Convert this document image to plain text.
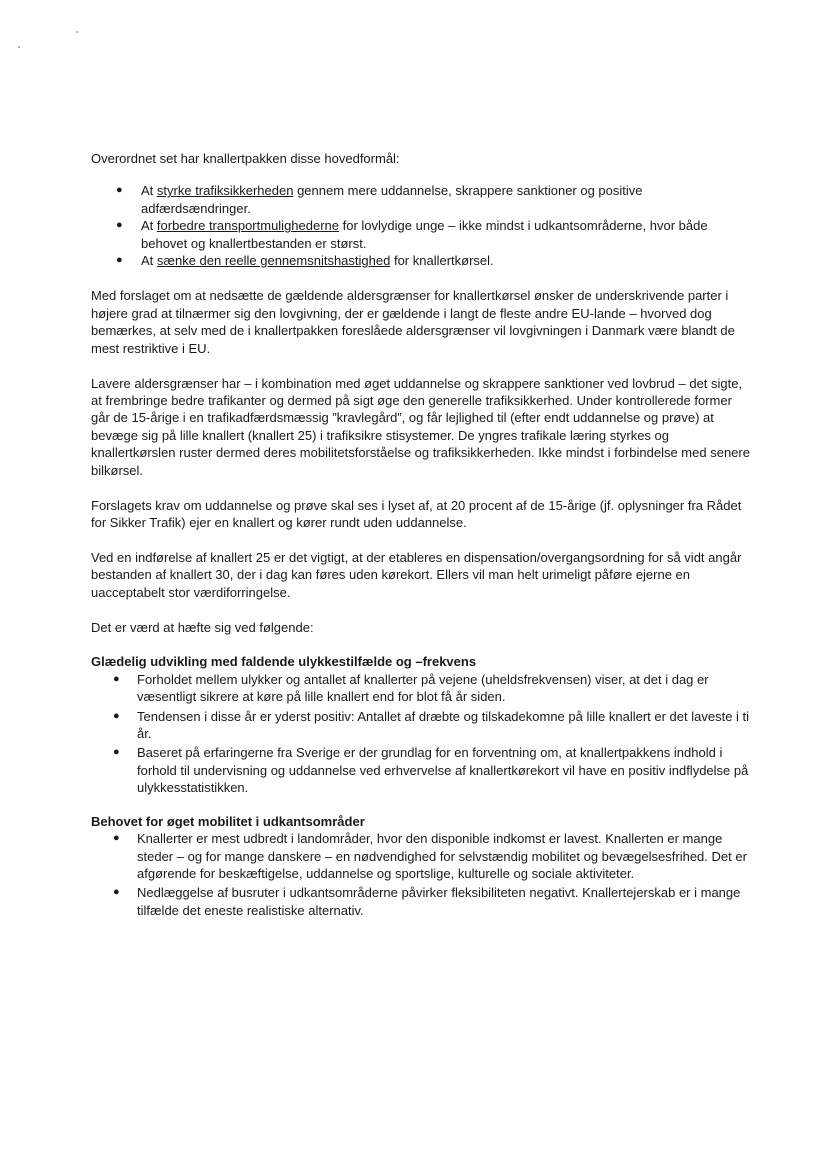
Overordnet set har knallertpakken disse hovedformål:

● At styrke trafiksikkerheden gennem mere uddannelse, skrappere sanktioner og positive adfærdsændringer.
● At forbedre transportmulighederne for lovlydige unge – ikke mindst i udkantsområderne, hvor både behovet og knallertbestanden er størst.
● At sænke den reelle gennemsnitshastighed for knallertkørsel.

Med forslaget om at nedsætte de gældende aldersgrænser for knallertkørsel ønsker de underskrivende parter i højere grad at tilnærmer sig den lovgivning, der er gældende i langt de fleste andre EU-lande – hvorved dog bemærkes, at selv med de i knallertpakken foreslåede aldersgrænser vil lovgivningen i Danmark være blandt de mest restriktive i EU.

Lavere aldersgrænser har – i kombination med øget uddannelse og skrappere sanktioner ved lovbrud – det sigte, at frembringe bedre trafikanter og dermed på sigt øge den generelle trafiksikkerhed. Under kontrollerede former går de 15-årige i en trafikadfærdsmæssig ”kravlegård”, og får lejlighed til (efter endt uddannelse og prøve) at bevæge sig på lille knallert (knallert 25) i trafiksikre stisystemer. De yngres trafikale læring styrkes og knallertkørslen ruster dermed deres mobilitetsforståelse og trafiksikkerheden. Ikke mindst i forbindelse med senere bilkørsel.

Forslagets krav om uddannelse og prøve skal ses i lyset af, at 20 procent af de 15-årige (jf. oplysninger fra Rådet for Sikker Trafik) ejer en knallert og kører rundt uden uddannelse.

Ved en indførelse af knallert 25 er det vigtigt, at der etableres en dispensation/overgangsordning for så vidt angår bestanden af knallert 30, der i dag kan føres uden kørekort. Ellers vil man helt urimeligt påføre ejerne en uacceptabelt stor værdiforringelse.

Det er værd at hæfte sig ved følgende:

Glædelig udvikling med faldende ulykkestilfælde og –frekvens

● Forholdet mellem ulykker og antallet af knallerter på vejene (uheldsfrekvensen) viser, at det i dag er væsentligt sikrere at køre på lille knallert end for blot få år siden.
● Tendensen i disse år er yderst positiv: Antallet af dræbte og tilskadekomne på lille knallert er det laveste i ti år.
● Baseret på erfaringerne fra Sverige er der grundlag for en forventning om, at knallertpakkens indhold i forhold til undervisning og uddannelse ved erhvervelse af knallertkørekort vil have en positiv indflydelse på ulykkesstatistikken.

Behovet for øget mobilitet i udkantsområder

● Knallerter er mest udbredt i landområder, hvor den disponible indkomst er lavest. Knallerten er mange steder – og for mange danskere – en nødvendighed for selvstændig mobilitet og bevægelsesfrihed. Det er afgørende for beskæftigelse, uddannelse og sportslige, kulturelle og sociale aktiviteter.
● Nedlæggelse af busruter i udkantsområderne påvirker fleksibiliteten negativt. Knallertejerskab er i mange tilfælde det eneste realistiske alternativ.
